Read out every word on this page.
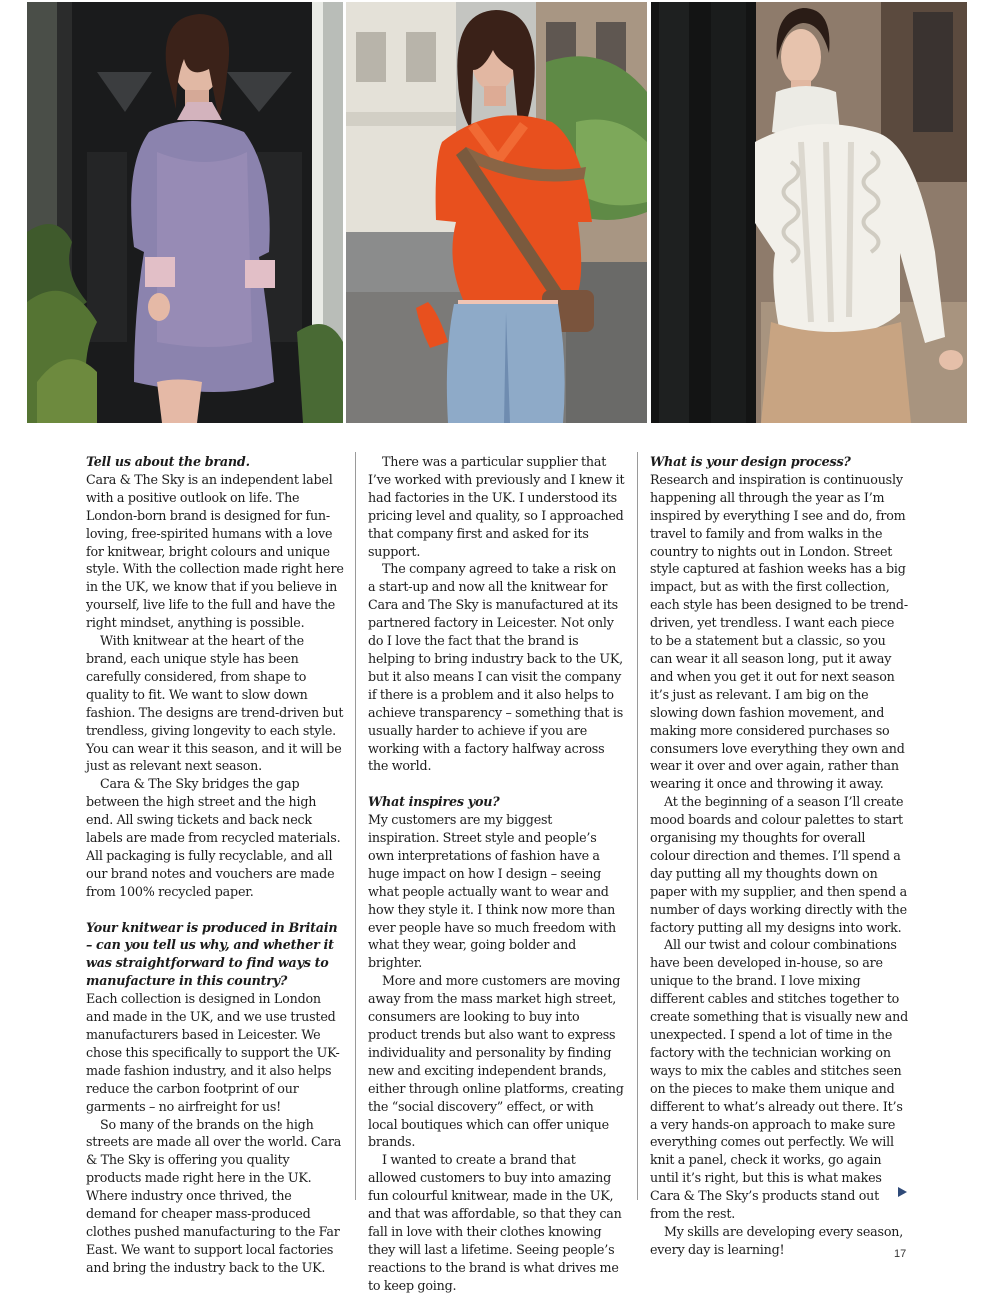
Tell us about the brand.

Cara & The Sky is an independent label with a positive outlook on life. The London-born brand is designed for fun-loving, free-spirited humans with a love for knitwear, bright colours and unique style. With the collection made right here in the UK, we know that if you believe in yourself, live life to the full and have the right mindset, anything is possible.

With knitwear at the heart of the brand, each unique style has been carefully considered, from shape to quality to fit. We want to slow down fashion. The designs are trend-driven but trendless, giving longevity to each style. You can wear it this season, and it will be just as relevant next season.

Cara & The Sky bridges the gap between the high street and the high end. All swing tickets and back neck labels are made from recycled materials. All packaging is fully recyclable, and all our brand notes and vouchers are made from 100% recycled paper.

Your knitwear is produced in Britain – can you tell us why, and whether it was straightforward to find ways to manufacture in this country?

Each collection is designed in London and made in the UK, and we use trusted manufacturers based in Leicester. We chose this specifically to support the UK-made fashion industry, and it also helps reduce the carbon footprint of our garments – no airfreight for us!

So many of the brands on the high streets are made all over the world. Cara & The Sky is offering you quality products made right here in the UK. Where industry once thrived, the demand for cheaper mass-produced clothes pushed manufacturing to the Far East. We want to support local factories and bring the industry back to the UK.

There was a particular supplier that I’ve worked with previously and I knew it had factories in the UK. I understood its pricing level and quality, so I approached that company first and asked for its support.

The company agreed to take a risk on a start-up and now all the knitwear for Cara and The Sky is manufactured at its partnered factory in Leicester. Not only do I love the fact that the brand is helping to bring industry back to the UK, but it also means I can visit the company if there is a problem and it also helps to achieve transparency – something that is usually harder to achieve if you are working with a factory halfway across the world.

What inspires you?

My customers are my biggest inspiration. Street style and people’s own interpretations of fashion have a huge impact on how I design – seeing what people actually want to wear and how they style it. I think now more than ever people have so much freedom with what they wear, going bolder and brighter.

More and more customers are moving away from the mass market high street, consumers are looking to buy into product trends but also want to express individuality and personality by finding new and exciting independent brands, either through online platforms, creating the “social discovery” effect, or with local boutiques which can offer unique brands.

I wanted to create a brand that allowed customers to buy into amazing fun colourful knitwear, made in the UK, and that was affordable, so that they can fall in love with their clothes knowing they will last a lifetime. Seeing people’s reactions to the brand is what drives me to keep going.

What is your design process?

Research and inspiration is continuously happening all through the year as I’m inspired by everything I see and do, from travel to family and from walks in the country to nights out in London. Street style captured at fashion weeks has a big impact, but as with the first collection, each style has been designed to be trend-driven, yet trendless. I want each piece to be a statement but a classic, so you can wear it all season long, put it away and when you get it out for next season it’s just as relevant. I am big on the slowing down fashion movement, and making more considered purchases so consumers love everything they own and wear it over and over again, rather than wearing it once and throwing it away.

At the beginning of a season I’ll create mood boards and colour palettes to start organising my thoughts for overall colour direction and themes. I’ll spend a day putting all my thoughts down on paper with my supplier, and then spend a number of days working directly with the factory putting all my designs into work.

All our twist and colour combinations have been developed in-house, so are unique to the brand. I love mixing different cables and stitches together to create something that is visually new and unexpected. I spend a lot of time in the factory with the technician working on ways to mix the cables and stitches seen on the pieces to make them unique and different to what’s already out there. It’s a very hands-on approach to make sure everything comes out perfectly. We will knit a panel, check it works, go again until it’s right, but this is what makes Cara & The Sky’s products stand out from the rest.

My skills are developing every season, every day is learning!	17
